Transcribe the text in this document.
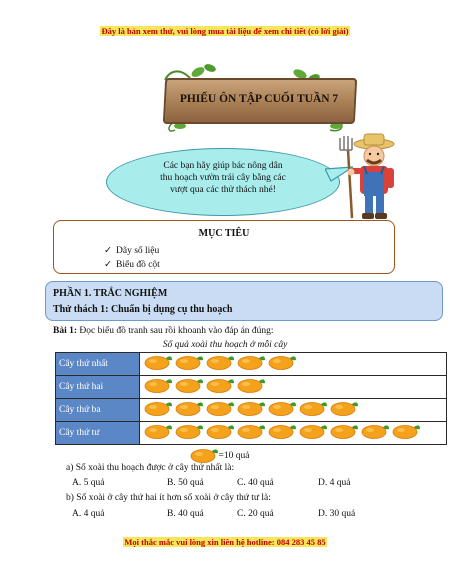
Đây là bản xem thử, vui lòng mua tài liệu để xem chi tiết (có lời giải)
PHIẾU ÔN TẬP CUỐI TUẦN 7
Các bạn hãy giúp bác nông dân
thu hoạch vườn trái cây bằng các
vượt qua các thử thách nhé!
MỤC TIÊU
✓ Dãy số liệu
✓ Biểu đồ cột
PHẦN 1. TRẮC NGHIỆM
Thử thách 1: Chuẩn bị dụng cụ thu hoạch
Bài 1: Đọc biểu đồ tranh sau rồi khoanh vào đáp án đúng:
Số quả xoài thu hoạch ở mỗi cây
Cây thứ nhất	

Cây thứ hai	

Cây thứ ba	

Cây thứ tư	

	=10 quả
a) Số xoài thu hoạch được ở cây thứ nhất là:
A. 5 quả	B. 50 quả	C. 40 quả	D. 4 quả
b) Số xoài ở cây thứ hai ít hơn số xoài ở cây thứ tư là:
A. 4 quả	B. 40 quả	C. 20 quả	D. 30 quả
Mọi thắc mắc vui lòng xin liên hệ hotline: 084 283 45 85
